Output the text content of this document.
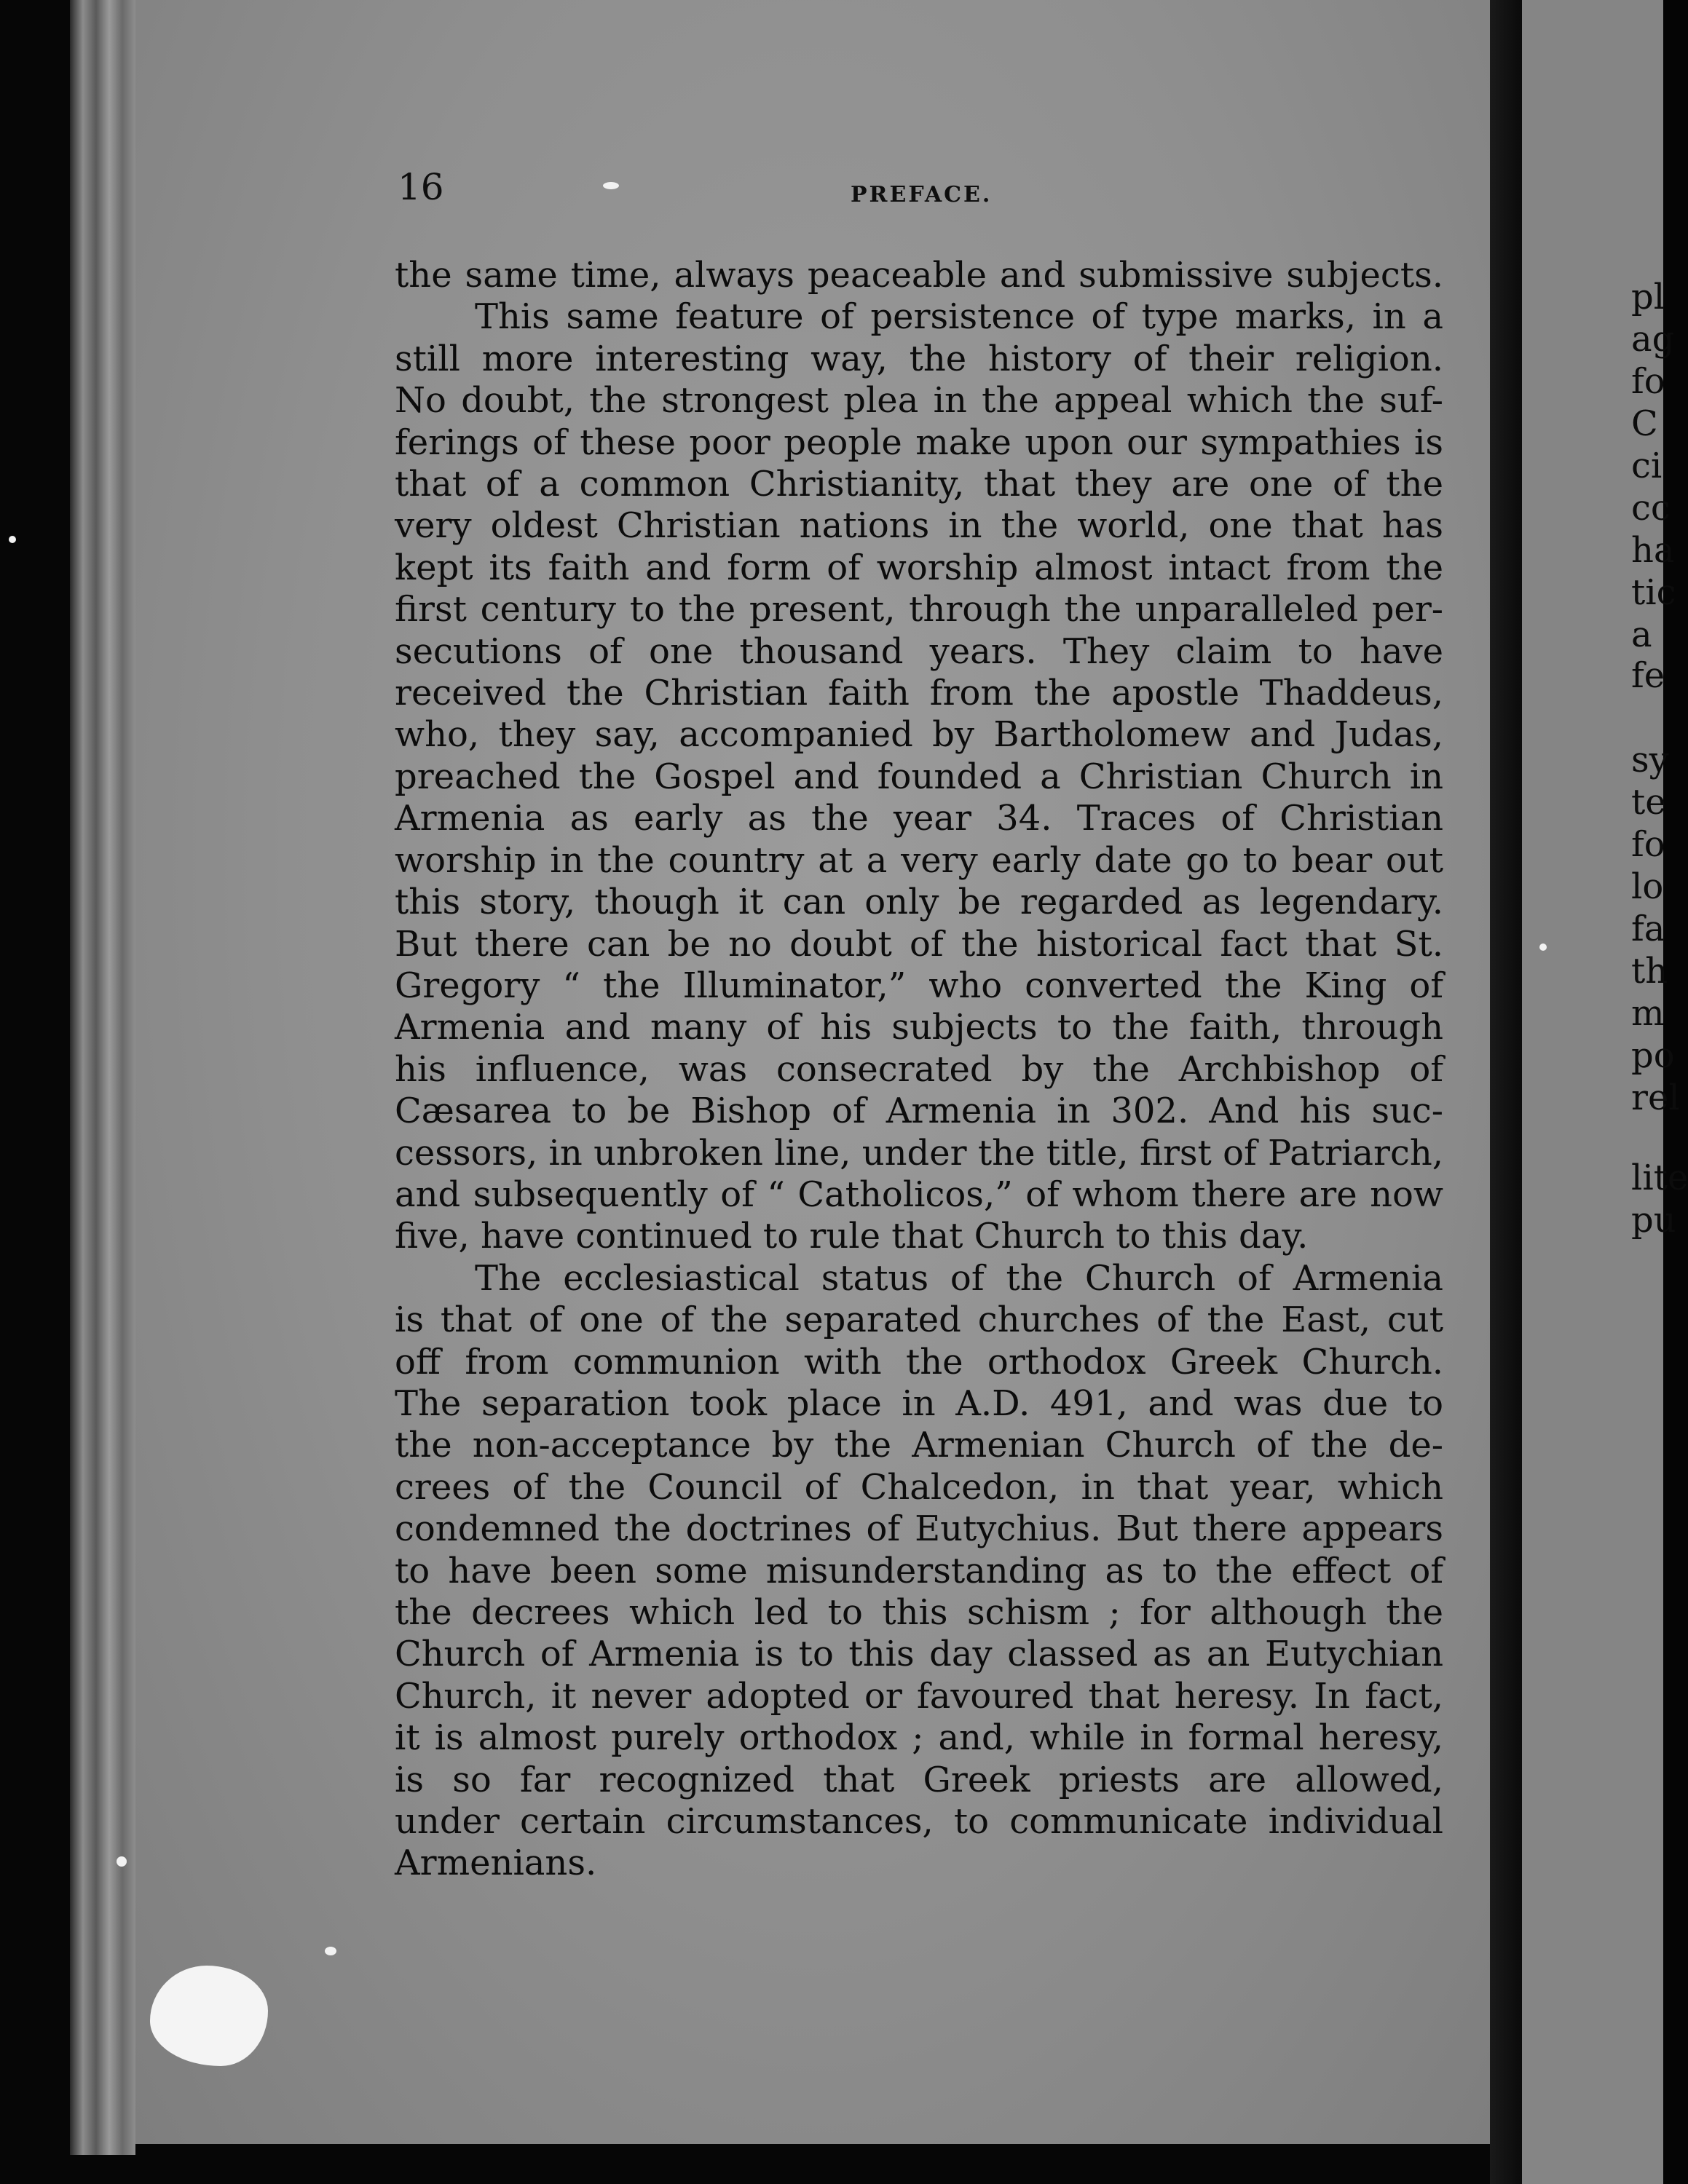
16	PREFACE.
the same time, always peaceable and submissive subjects.
This same feature of persistence of type marks, in a
still more interesting way, the history of their religion.
No doubt, the strongest plea in the appeal which the suf-
ferings of these poor people make upon our sympathies is
that of a common Christianity, that they are one of the
very oldest Christian nations in the world, one that has
kept its faith and form of worship almost intact from the
first century to the present, through the unparalleled per-
secutions of one thousand years. They claim to have
received the Christian faith from the apostle Thaddeus,
who, they say, accompanied by Bartholomew and Judas,
preached the Gospel and founded a Christian Church in
Armenia as early as the year 34. Traces of Christian
worship in the country at a very early date go to bear out
this story, though it can only be regarded as legendary.
But there can be no doubt of the historical fact that St.
Gregory “ the Illuminator,” who converted the King of
Armenia and many of his subjects to the faith, through
his influence, was consecrated by the Archbishop of
Cæsarea to be Bishop of Armenia in 302. And his suc-
cessors, in unbroken line, under the title, first of Patriarch,
and subsequently of “ Catholicos,” of whom there are now
five, have continued to rule that Church to this day.
The ecclesiastical status of the Church of Armenia
is that of one of the separated churches of the East, cut
off from communion with the orthodox Greek Church.
The separation took place in A.D. 491, and was due to
the non-acceptance by the Armenian Church of the de-
crees of the Council of Chalcedon, in that year, which
condemned the doctrines of Eutychius. But there appears
to have been some misunderstanding as to the effect of
the decrees which led to this schism ; for although the
Church of Armenia is to this day classed as an Eutychian
Church, it never adopted or favoured that heresy. In fact,
it is almost purely orthodox ; and, while in formal heresy,
is so far recognized that Greek priests are allowed,
under certain circumstances, to communicate individual
Armenians.
pl
ag
fo
C
ci
cc
ha
tic
a
fe
sy
te
fo
lo
fa
th
m
po
rel
lite
pu
